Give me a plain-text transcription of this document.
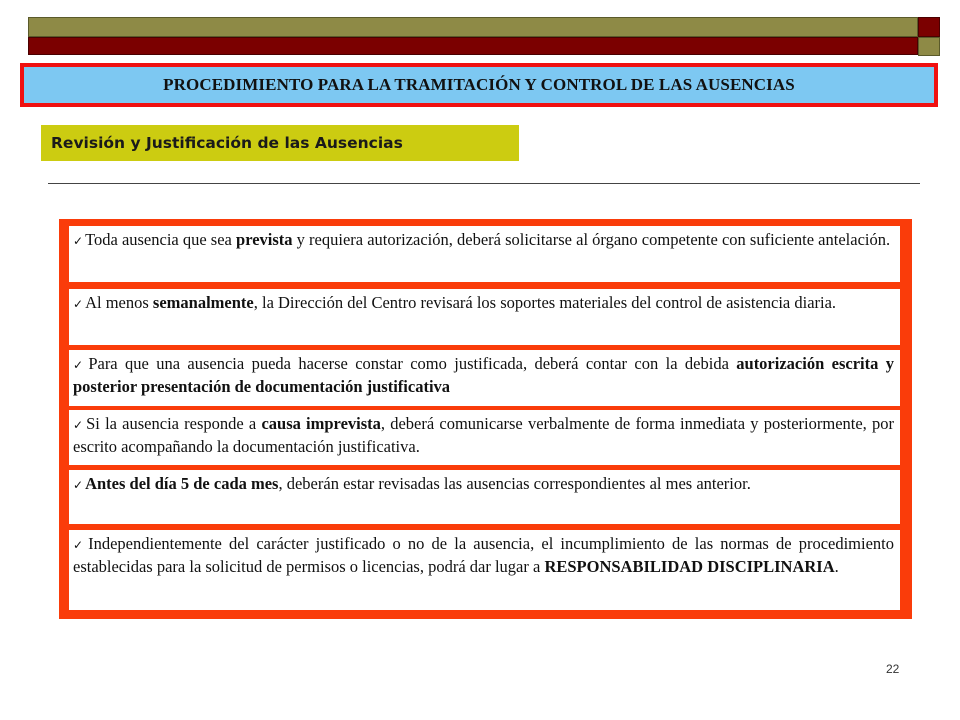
PROCEDIMIENTO PARA LA TRAMITACIÓN Y CONTROL DE LAS AUSENCIAS
Revisión y Justificación de las Ausencias
✓ Toda ausencia que sea prevista y requiera autorización, deberá solicitarse al órgano competente con suficiente antelación.
✓ Al menos semanalmente, la Dirección del Centro revisará los soportes materiales del control de asistencia diaria.
✓ Para que una ausencia pueda hacerse constar como justificada, deberá contar con la debida autorización escrita y posterior presentación de documentación justificativa
✓ Si la ausencia responde a causa imprevista, deberá comunicarse verbalmente de forma inmediata y posteriormente, por escrito acompañando la documentación justificativa.
✓ Antes del día 5 de cada mes, deberán estar revisadas las ausencias correspondientes al mes anterior.
✓ Independientemente del carácter justificado o no de la ausencia, el incumplimiento de las normas de procedimiento establecidas para la solicitud de permisos o licencias, podrá dar lugar a RESPONSABILIDAD DISCIPLINARIA.
22
